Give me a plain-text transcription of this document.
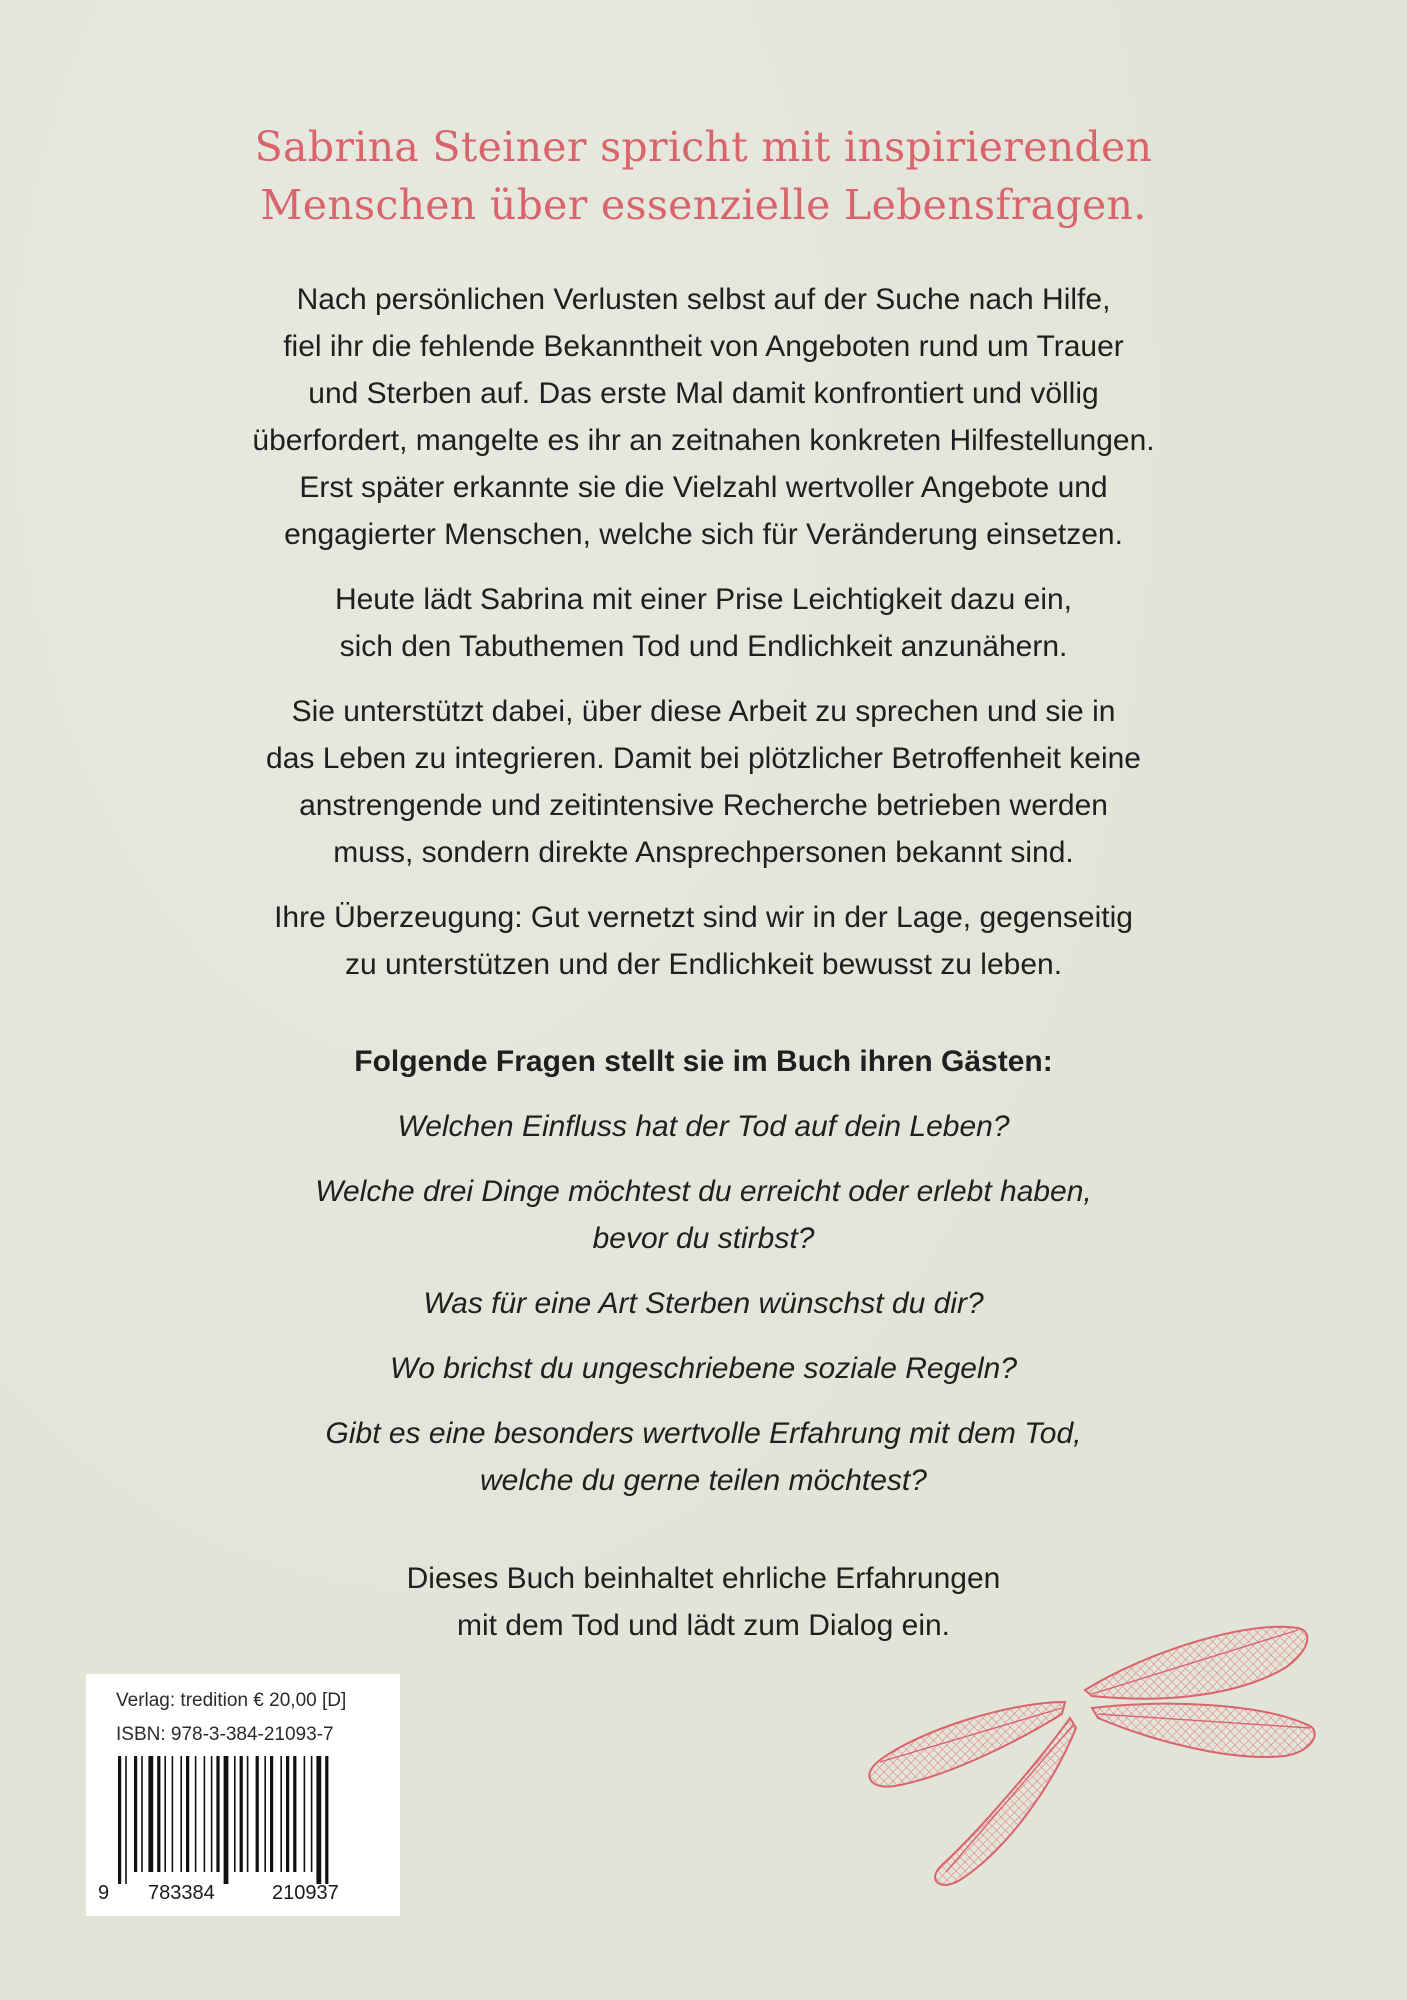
Sabrina Steiner spricht mit inspirierenden
Menschen über essenzielle Lebensfragen.

Nach persönlichen Verlusten selbst auf der Suche nach Hilfe,
fiel ihr die fehlende Bekanntheit von Angeboten rund um Trauer
und Sterben auf. Das erste Mal damit konfrontiert und völlig
überfordert, mangelte es ihr an zeitnahen konkreten Hilfestellungen.
Erst später erkannte sie die Vielzahl wertvoller Angebote und
engagierter Menschen, welche sich für Veränderung einsetzen.

Heute lädt Sabrina mit einer Prise Leichtigkeit dazu ein,
sich den Tabuthemen Tod und Endlichkeit anzunähern.

Sie unterstützt dabei, über diese Arbeit zu sprechen und sie in
das Leben zu integrieren. Damit bei plötzlicher Betroffenheit keine
anstrengende und zeitintensive Recherche betrieben werden
muss, sondern direkte Ansprechpersonen bekannt sind.

Ihre Überzeugung: Gut vernetzt sind wir in der Lage, gegenseitig
zu unterstützen und der Endlichkeit bewusst zu leben.

Folgende Fragen stellt sie im Buch ihren Gästen:

Welchen Einfluss hat der Tod auf dein Leben?

Welche drei Dinge möchtest du erreicht oder erlebt haben,
bevor du stirbst?

Was für eine Art Sterben wünschst du dir?

Wo brichst du ungeschriebene soziale Regeln?

Gibt es eine besonders wertvolle Erfahrung mit dem Tod,
welche du gerne teilen möchtest?

Dieses Buch beinhaltet ehrliche Erfahrungen
mit dem Tod und lädt zum Dialog ein.
Verlag: tredition € 20,00 [D]
ISBN: 978-3-384-21093-7
9 783384	210937
